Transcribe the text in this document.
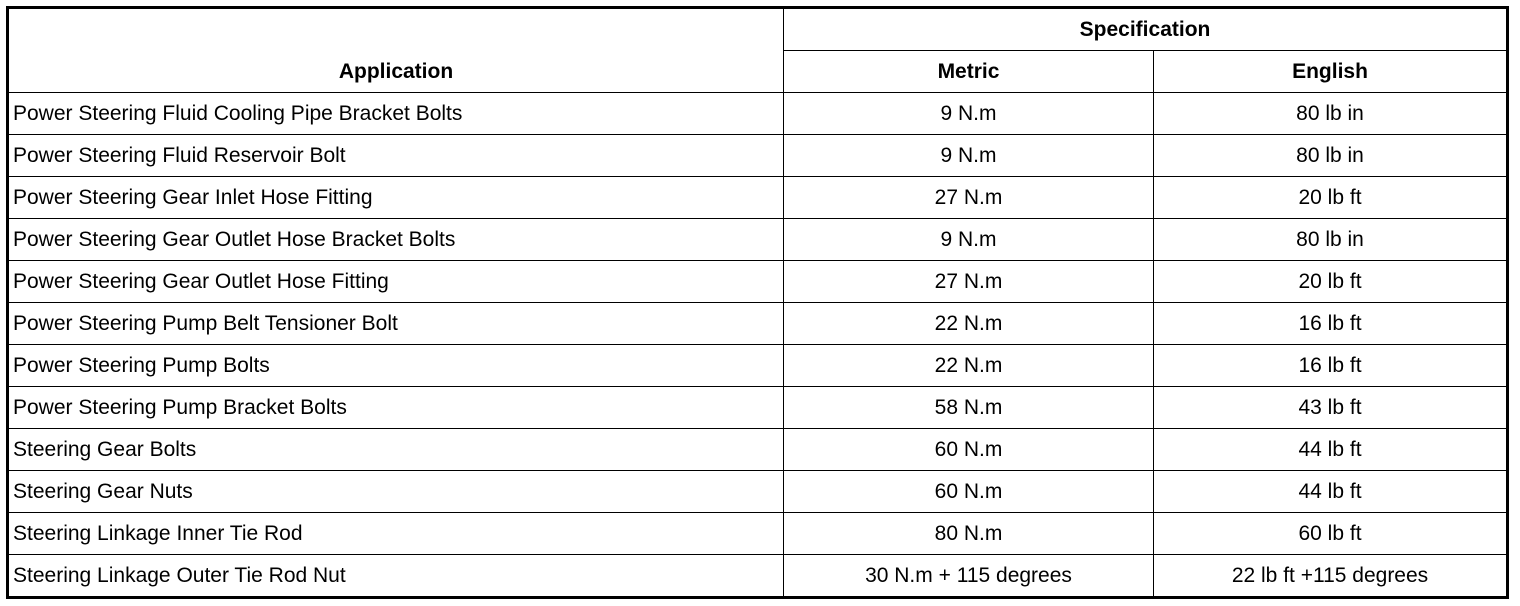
Application	Specification	
	Metric	English
Power Steering Fluid Cooling Pipe Bracket Bolts	9 N.m	80 lb in
Power Steering Fluid Reservoir Bolt	9 N.m	80 lb in
Power Steering Gear Inlet Hose Fitting	27 N.m	20 lb ft
Power Steering Gear Outlet Hose Bracket Bolts	9 N.m	80 lb in
Power Steering Gear Outlet Hose Fitting	27 N.m	20 lb ft
Power Steering Pump Belt Tensioner Bolt	22 N.m	16 lb ft
Power Steering Pump Bolts	22 N.m	16 lb ft
Power Steering Pump Bracket Bolts	58 N.m	43 lb ft
Steering Gear Bolts	60 N.m	44 lb ft
Steering Gear Nuts	60 N.m	44 lb ft
Steering Linkage Inner Tie Rod	80 N.m	60 lb ft
Steering Linkage Outer Tie Rod Nut	30 N.m + 115 degrees	22 lb ft +115 degrees
